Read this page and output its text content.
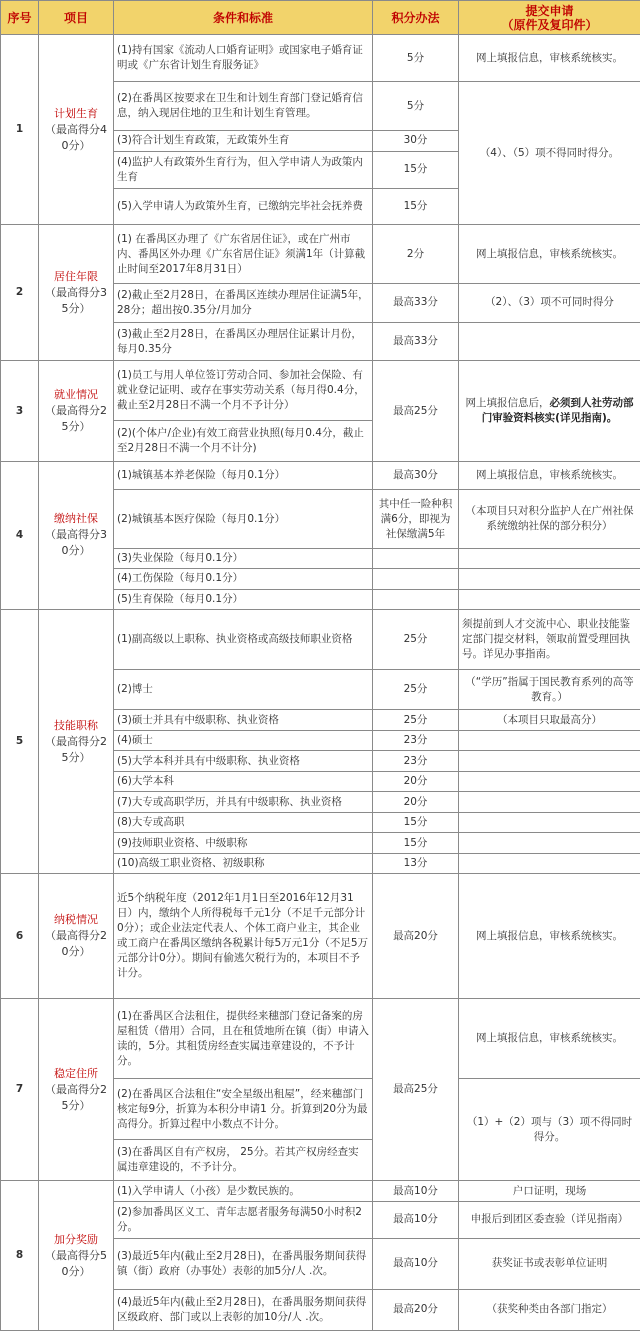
序号	项目	条件和标准	积分办法	提交申请
（原件及复印件）

1	计划生育
（最高得分40分）	(1)持有国家《流动人口婚育证明》或国家电子婚育证明或《广东省计划生育服务证》	5分	网上填报信息，审核系统核实。
		(2)在番禺区按要求在卫生和计划生育部门登记婚育信息，纳入现居住地的卫生和计划生育管理。	5分	（4）、（5）项不得同时得分。
		(3)符合计划生育政策，无政策外生育	30分	
		(4)监护人有政策外生育行为，但入学申请人为政策内生育	15分	
		(5)入学申请人为政策外生育，已缴纳完毕社会抚养费	15分	
2	居住年限
（最高得分35分）	(1) 在番禺区办理了《广东省居住证》，或在广州市内、番禺区外办理《广东省居住证》须满1年（计算截止时间至2017年8月31日）	2分	网上填报信息，审核系统核实。
		(2)截止至2月28日，在番禺区连续办理居住证满5年，28分；超出按0.35分/月加分	最高33分	（2）、（3）项不可同时得分
		(3)截止至2月28日，在番禺区办理居住证累计月份，每月0.35分	最高33分	
3	就业情况
（最高得分25分）	(1)员工与用人单位签订劳动合同、参加社会保险、有就业登记证明、或存在事实劳动关系（每月得0.4分，截止至2月28日不满一个月不予计分）	最高25分	网上填报信息后，必须到人社劳动部门审验资料核实(详见指南)。
		(2)(个体户/企业)有效工商营业执照(每月0.4分，截止至2月28日不满一个月不计分)		
4	缴纳社保
（最高得分30分）	(1)城镇基本养老保险（每月0.1分）	最高30分	网上填报信息，审核系统核实。
		(2)城镇基本医疗保险（每月0.1分）	其中任一险种积满6分，即视为社保缴满5年	（本项目只对积分监护人在广州社保系统缴纳社保的部分积分）
		(3)失业保险（每月0.1分）		
		(4)工伤保险（每月0.1分）		
		(5)生育保险（每月0.1分）		
5	技能职称
（最高得分25分）	(1)副高级以上职称、执业资格或高级技师职业资格	25分	须提前到人才交流中心、职业技能鉴定部门提交材料，领取前置受理回执号。详见办事指南。
		(2)博士	25分	（“学历”指属于国民教育系列的高等教育。）
		(3)硕士并具有中级职称、执业资格	25分	（本项目只取最高分）
		(4)硕士	23分	
		(5)大学本科并具有中级职称、执业资格	23分	
		(6)大学本科	20分	
		(7)大专或高职学历，并具有中级职称、执业资格	20分	
		(8)大专或高职	15分	
		(9)技师职业资格、中级职称	15分	
		(10)高级工职业资格、初级职称	13分	
6	纳税情况
（最高得分20分）	近5个纳税年度（2012年1月1日至2016年12月31日）内，缴纳个人所得税每千元1分（不足千元部分计0分）；或企业法定代表人、个体工商户业主，其企业或工商户在番禺区缴纳各税累计每5万元1分（不足5万元部分计0分）。期间有偷逃欠税行为的，本项目不予计分。	最高20分	网上填报信息，审核系统核实。
7	稳定住所
（最高得分25分）	(1)在番禺区合法租住，提供经来穗部门登记备案的房屋租赁（借用）合同，且在租赁地所在镇（街）申请入读的，5分。其租赁房经查实属违章建设的，不予计分。	最高25分	网上填报信息，审核系统核实。
		(2)在番禺区合法租住“安全星级出租屋”，经来穗部门核定每9分，折算为本积分申请1 分。折算到20分为最高得分。折算过程中小数点不计分。		（1）+（2）项与（3）项不得同时得分。
		(3)在番禺区自有产权房， 25分。若其产权房经查实属违章建设的，不予计分。		
8	加分奖励
（最高得分50分）	(1)入学申请人（小孩）是少数民族的。	最高10分	户口证明，现场
		(2)参加番禺区义工、青年志愿者服务每满50小时积2分。	最高10分	申报后到团区委查验（详见指南）
		(3)最近5年内(截止至2月28日)，在番禺服务期间获得镇（街）政府（办事处）表彰的加5分/人 .次。	最高10分	获奖证书或表彰单位证明
		(4)最近5年内(截止至2月28日)，在番禺服务期间获得区级政府、部门或以上表彰的加10分/人 .次。	最高20分	（获奖种类由各部门指定）
